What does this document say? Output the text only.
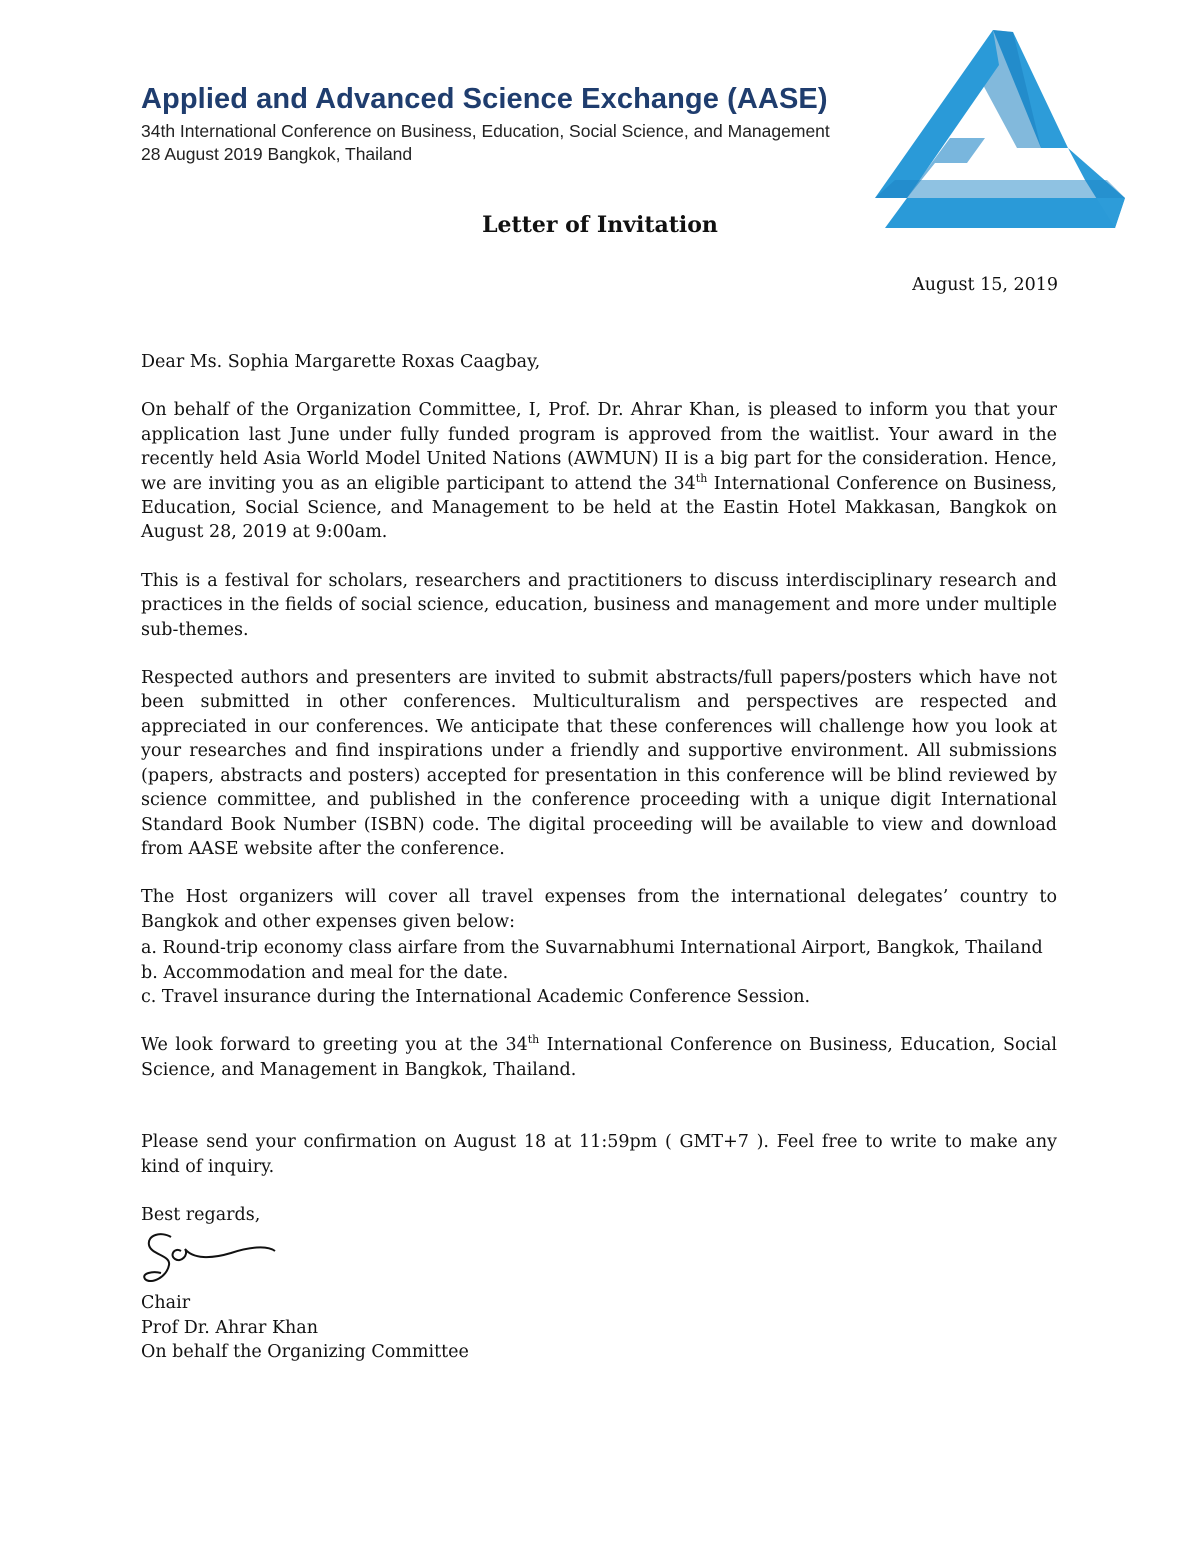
Applied and Advanced Science Exchange (AASE)
34th International Conference on Business, Education, Social Science, and Management
28 August 2019 Bangkok, Thailand
Letter of Invitation
August 15, 2019

Dear Ms. Sophia Margarette Roxas Caagbay,

On behalf of the Organization Committee, I, Prof. Dr. Ahrar Khan, is pleased to inform you that your application last June under fully funded program is approved from the waitlist. Your award in the recently held Asia World Model United Nations (AWMUN) II is a big part for the consideration. Hence, we are inviting you as an eligible participant to attend the 34th International Conference on Business, Education, Social Science, and Management to be held at the Eastin Hotel Makkasan, Bangkok on August 28, 2019 at 9:00am.

This is a festival for scholars, researchers and practitioners to discuss interdisciplinary research and practices in the fields of social science, education, business and management and more under multiple sub-themes.

Respected authors and presenters are invited to submit abstracts/full papers/posters which have not been submitted in other conferences. Multiculturalism and perspectives are respected and appreciated in our conferences. We anticipate that these conferences will challenge how you look at your researches and find inspirations under a friendly and supportive environment. All submissions (papers, abstracts and posters) accepted for presentation in this conference will be blind reviewed by science committee, and published in the conference proceeding with a unique digit International Standard Book Number (ISBN) code. The digital proceeding will be available to view and download from AASE website after the conference.

The Host organizers will cover all travel expenses from the international delegates’ country to Bangkok and other expenses given below:

a. Round-trip economy class airfare from the Suvarnabhumi International Airport, Bangkok, Thailand

b. Accommodation and meal for the date.

c. Travel insurance during the International Academic Conference Session.

We look forward to greeting you at the 34th International Conference on Business, Education, Social Science, and Management in Bangkok, Thailand.

Please send your confirmation on August 18 at 11:59pm ( GMT+7 ). Feel free to write to make any kind of inquiry.

Best regards,

Chair

Prof Dr. Ahrar Khan

On behalf the Organizing Committee
